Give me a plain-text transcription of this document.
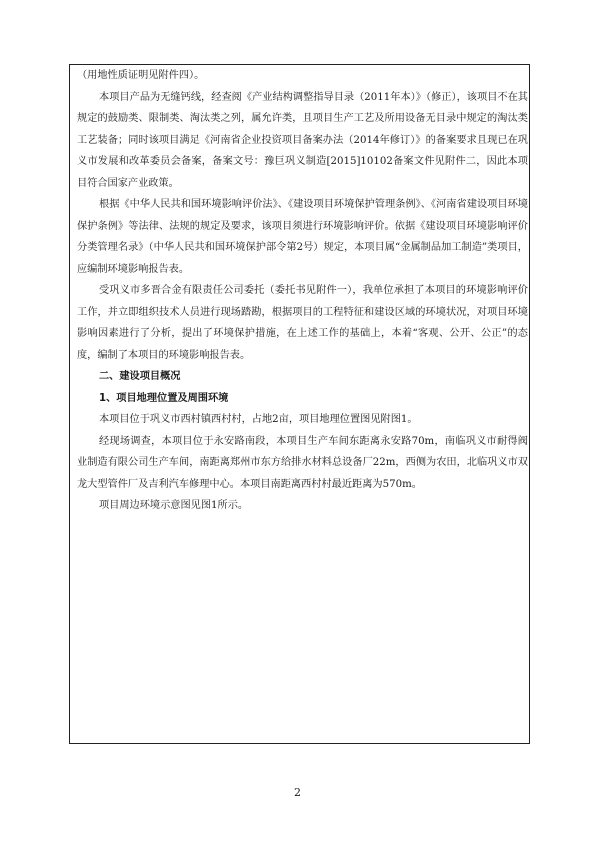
（用地性质证明见附件四）。

本项目产品为无缝钙线，经查阅《产业结构调整指导目录（2011年本）》（修正），该项目不在其规定的鼓励类、限制类、淘汰类之列，属允许类，且项目生产工艺及所用设备无目录中规定的淘汰类工艺装备；同时该项目满足《河南省企业投资项目备案办法（2014年修订）》的备案要求且现已在巩义市发展和改革委员会备案，备案文号：豫巨巩义制造[2015]10102备案文件见附件二，因此本项目符合国家产业政策。

根据《中华人民共和国环境影响评价法》、《建设项目环境保护管理条例》、《河南省建设项目环境保护条例》等法律、法规的规定及要求，该项目须进行环境影响评价。依据《建设项目环境影响评价分类管理名录》（中华人民共和国环境保护部令第2号）规定，本项目属“金属制品加工制造”类项目，应编制环境影响报告表。

受巩义市多晋合金有限责任公司委托（委托书见附件一），我单位承担了本项目的环境影响评价工作，并立即组织技术人员进行现场踏勘，根据项目的工程特征和建设区域的环境状况，对项目环境影响因素进行了分析，提出了环境保护措施，在上述工作的基础上，本着“客观、公开、公正”的态度，编制了本项目的环境影响报告表。

二、建设项目概况

1、项目地理位置及周围环境

本项目位于巩义市西村镇西村村，占地2亩，项目地理位置图见附图1。

经现场调查，本项目位于永安路南段，本项目生产车间东距离永安路70m，南临巩义市耐得阀业制造有限公司生产车间，南距离郑州市东方给排水材料总设备厂22m，西侧为农田，北临巩义市双龙大型管件厂及吉利汽车修理中心。本项目南距离西村村最近距离为570m。

项目周边环境示意图见图1所示。

2
